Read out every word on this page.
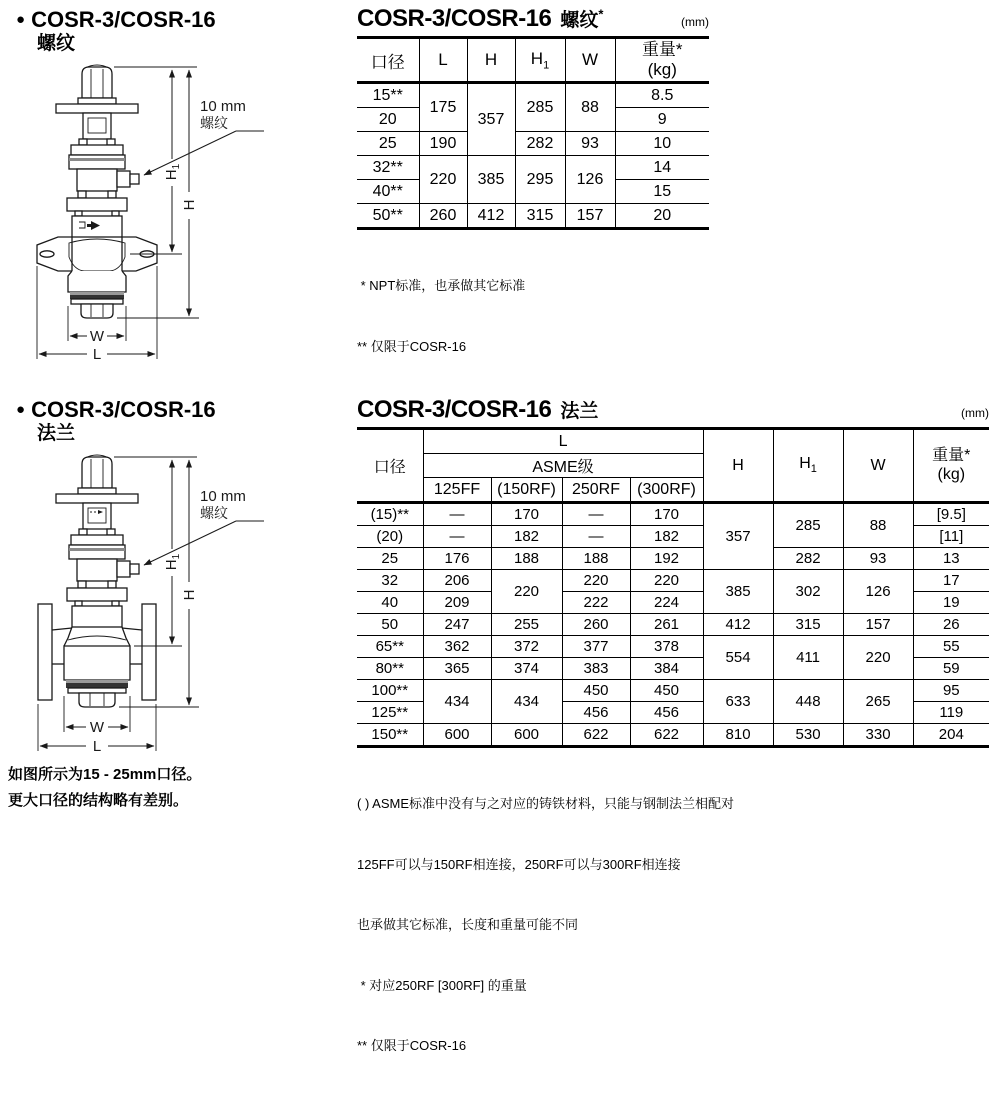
● COSR-3/COSR-16
螺纹
$H_1$
H
W
L
10 mm
螺纹
COSR-3/COSR-16 螺纹*
(mm)
口径	L	H	$H_1$	W	重量*
(kg)
15**	175	357	285	88	8.5
20					9
25	190		282	93	10
32**	220	385	295	126	14
40**					15
50**	260	412	315	157	20

* NPT标准，也承做其它标准

** 仅限于COSR-16

● COSR-3/COSR-16
法兰
$H_1$
H
W
L
10 mm
螺纹
如图所示为15 - 25mm口径。
更大口径的结构略有差别。
COSR-3/COSR-16 法兰	(mm)
口径	L				H	$H_1$	W	重量*
(kg)
	ASME级							
	125FF	(150RF)	250RF	(300RF)				
(15)**	—	170	—	170	357	285	88	[9.5]
(20)	—	182	—	182				[11]
25	176	188	188	192		282	93	13
32	206	220	220	220	385	302	126	17
40	209		222	224				19
50	247	255	260	261	412	315	157	26
65**	362	372	377	378	554	411	220	55
80**	365	374	383	384				59
100**	434	434	450	450	633	448	265	95
125**			456	456				119
150**	600	600	622	622	810	530	330	204

( ) ASME标准中没有与之对应的铸铁材料，只能与钢制法兰相配对

125FF可以与150RF相连接，250RF可以与300RF相连接

也承做其它标准，长度和重量可能不同

* 对应250RF [300RF] 的重量

** 仅限于COSR-16
